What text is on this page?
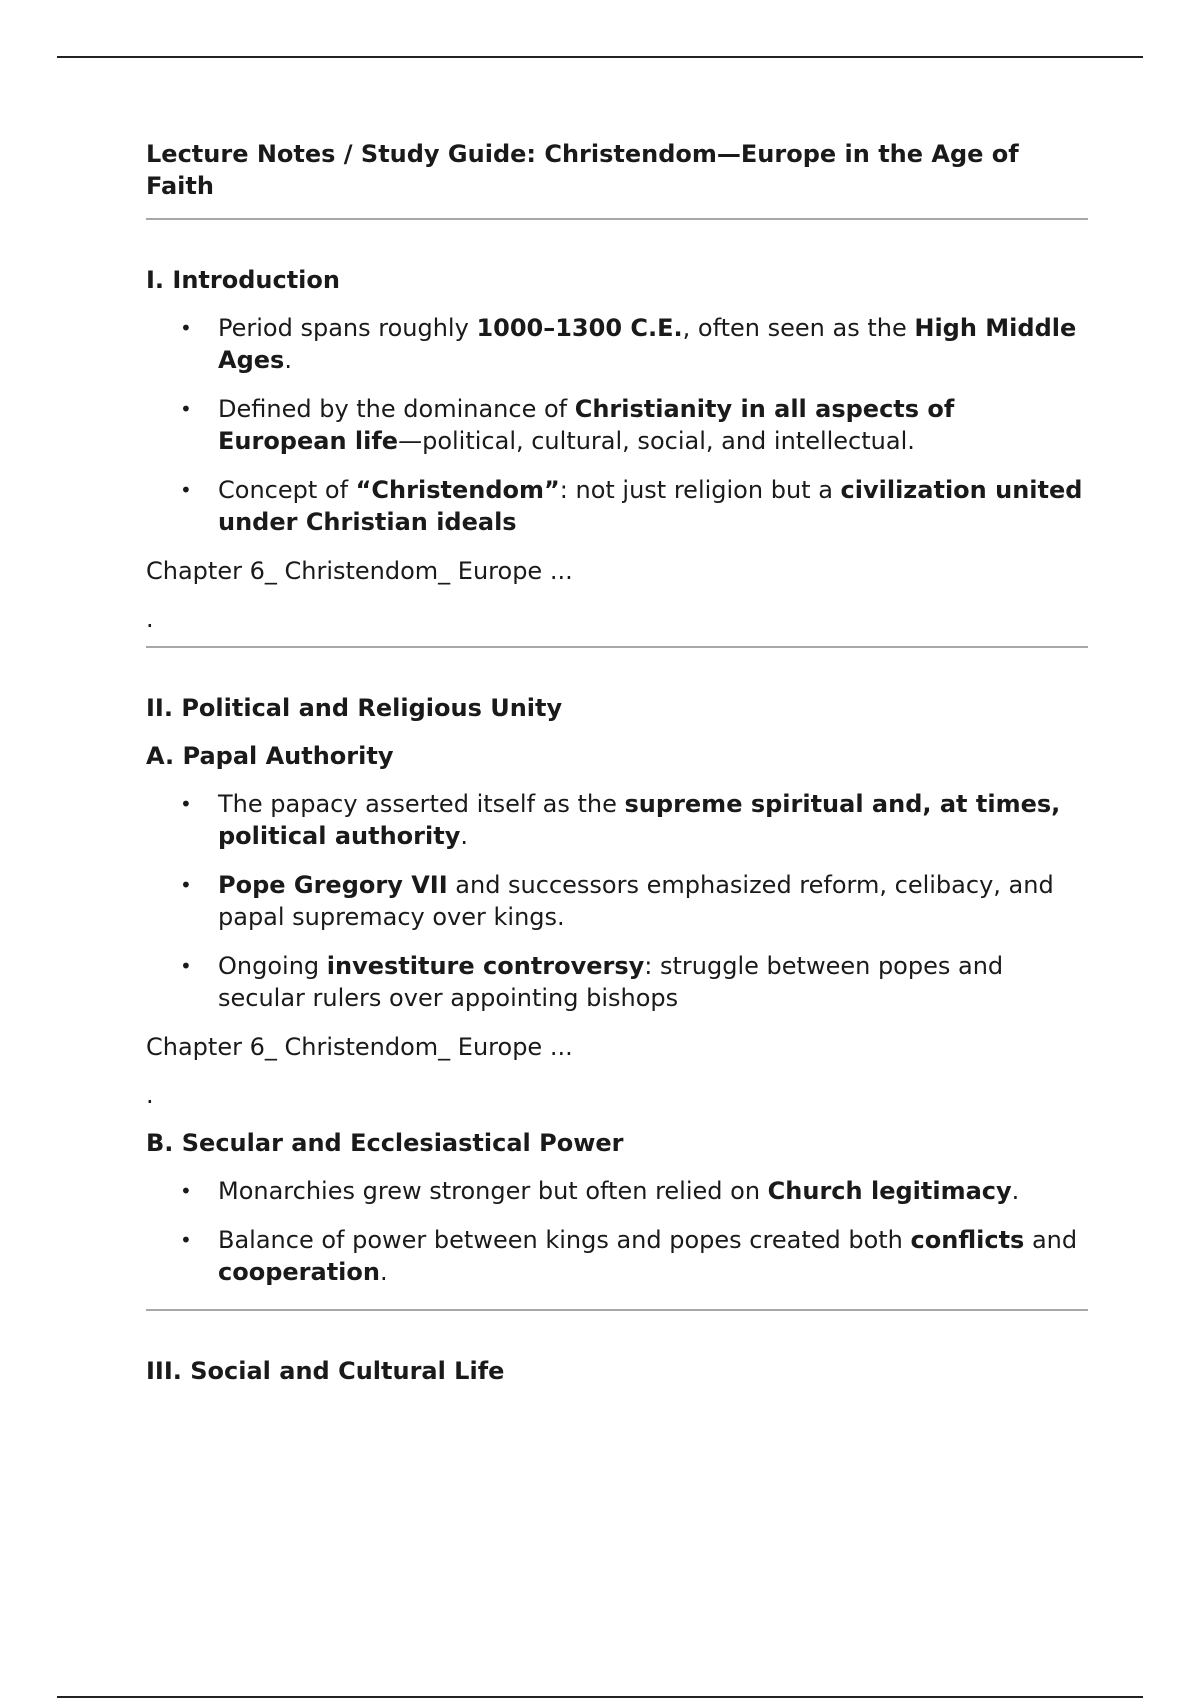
Lecture Notes / Study Guide: Christendom—Europe in the Age of Faith
I. Introduction
• Period spans roughly 1000–1300 C.E., often seen as the High Middle Ages.
• Defined by the dominance of Christianity in all aspects of European life—political, cultural, social, and intellectual.
• Concept of “Christendom”: not just religion but a civilization united under Christian ideals
Chapter 6_ Christendom_ Europe ...
.
II. Political and Religious Unity
A. Papal Authority
• The papacy asserted itself as the supreme spiritual and, at times, political authority.
• Pope Gregory VII and successors emphasized reform, celibacy, and papal supremacy over kings.
• Ongoing investiture controversy: struggle between popes and secular rulers over appointing bishops
Chapter 6_ Christendom_ Europe ...
.
B. Secular and Ecclesiastical Power
• Monarchies grew stronger but often relied on Church legitimacy.
• Balance of power between kings and popes created both conflicts and cooperation.
III. Social and Cultural Life
